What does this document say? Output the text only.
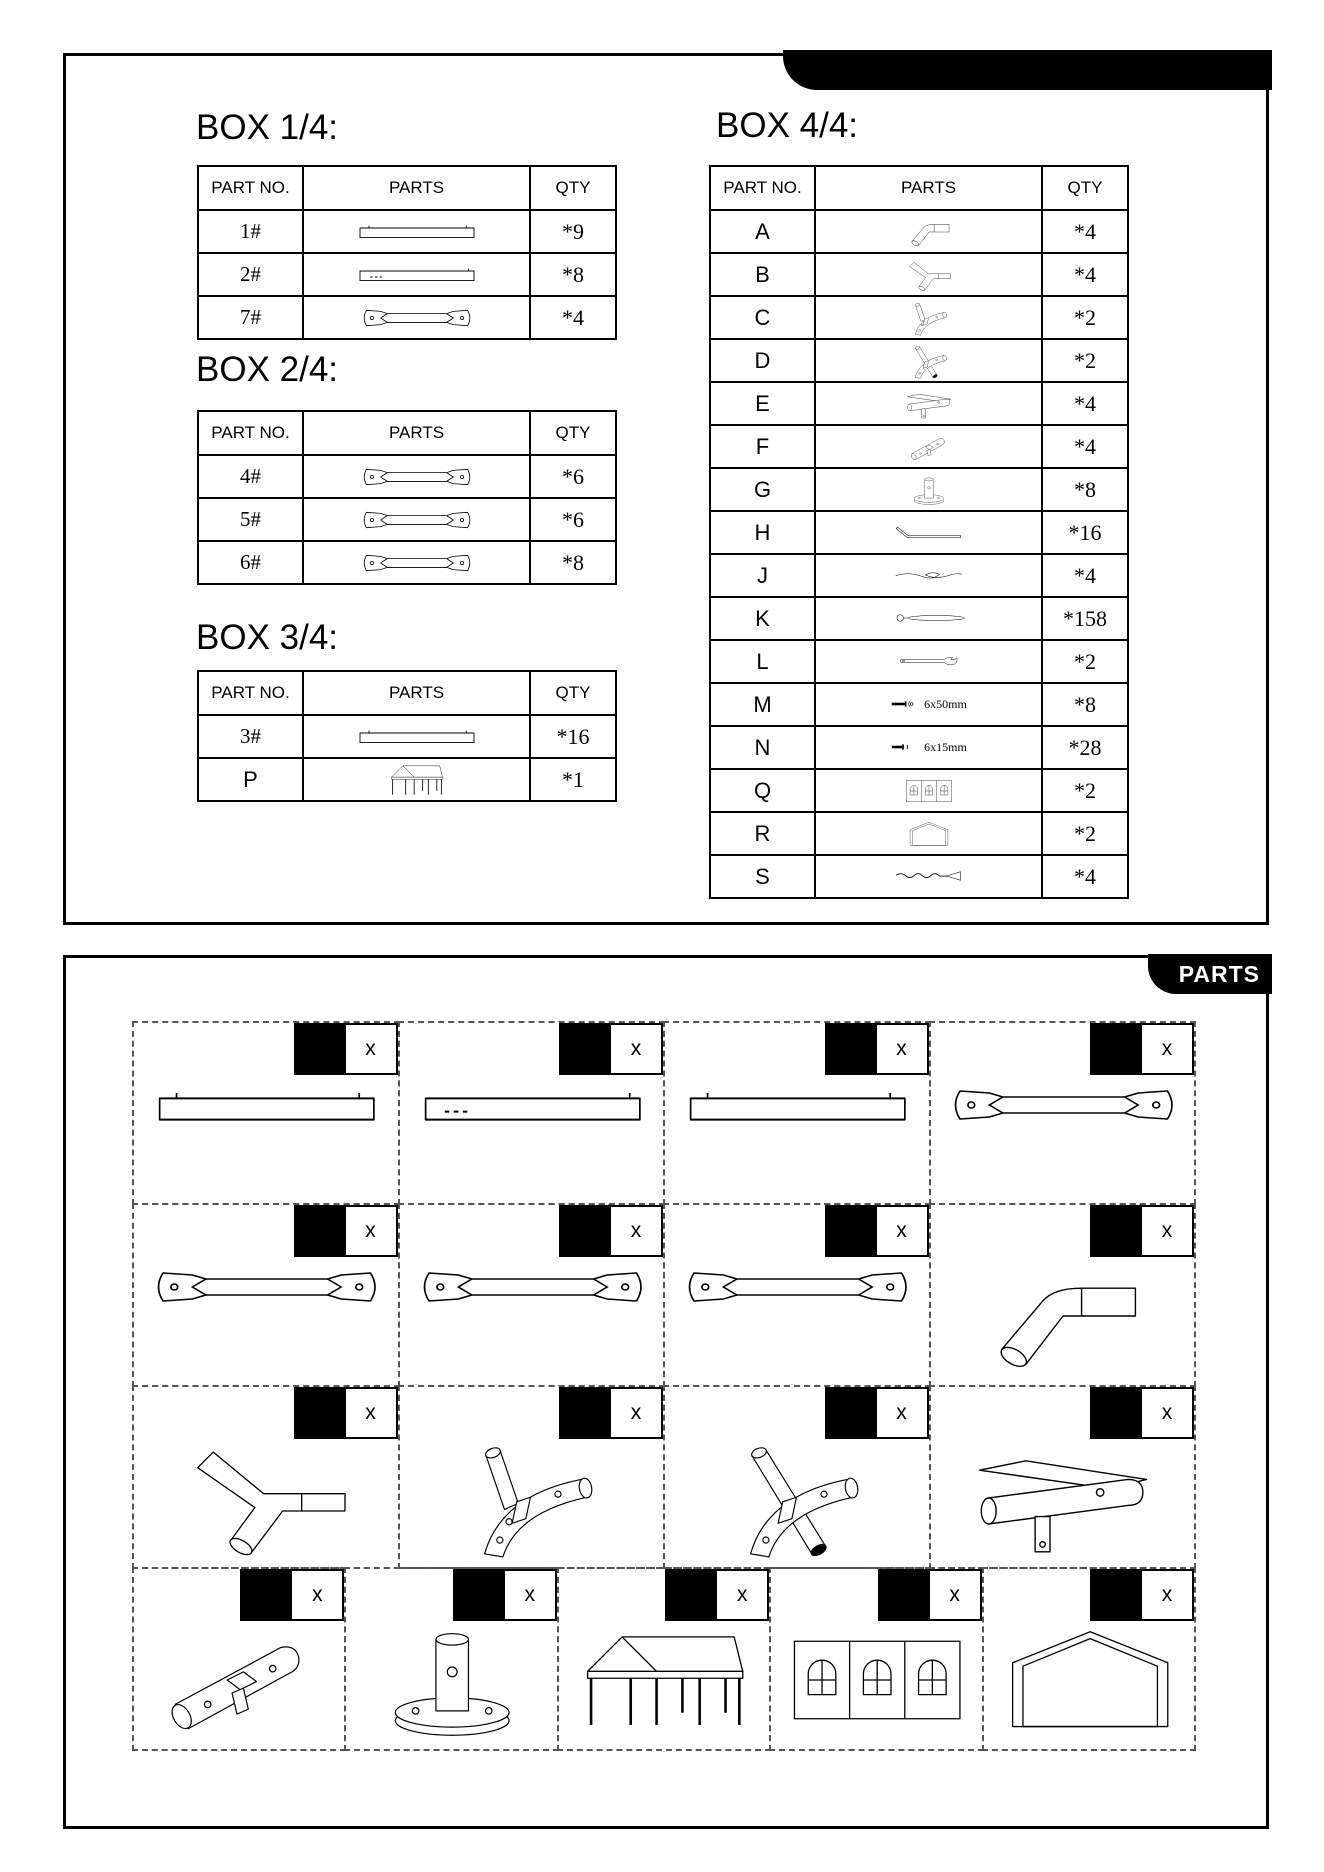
BOX 1/4:
BOX 2/4:
BOX 3/4:
BOX 4/4:
PART NO.	PARTS	QTY
1#		*9
2#		*8
7#		*4
PART NO.	PARTS	QTY
4#		*6
5#		*6
6#		*8
PART NO.	PARTS	QTY
3#		*16
P		*1
PART NO.	PARTS	QTY
A		*4
B		*4
C		*2
D		*2
E		*4
F		*4
G		*8
H		*16
J		*4
K		*158
L		*2
M	6x50mm	*8
N	6x15mm	*28
Q		*2
R		*2
S		*4
PARTS
x	x	x	x
x	x	x	x
x	x	x	x
x	x	x	x	x
